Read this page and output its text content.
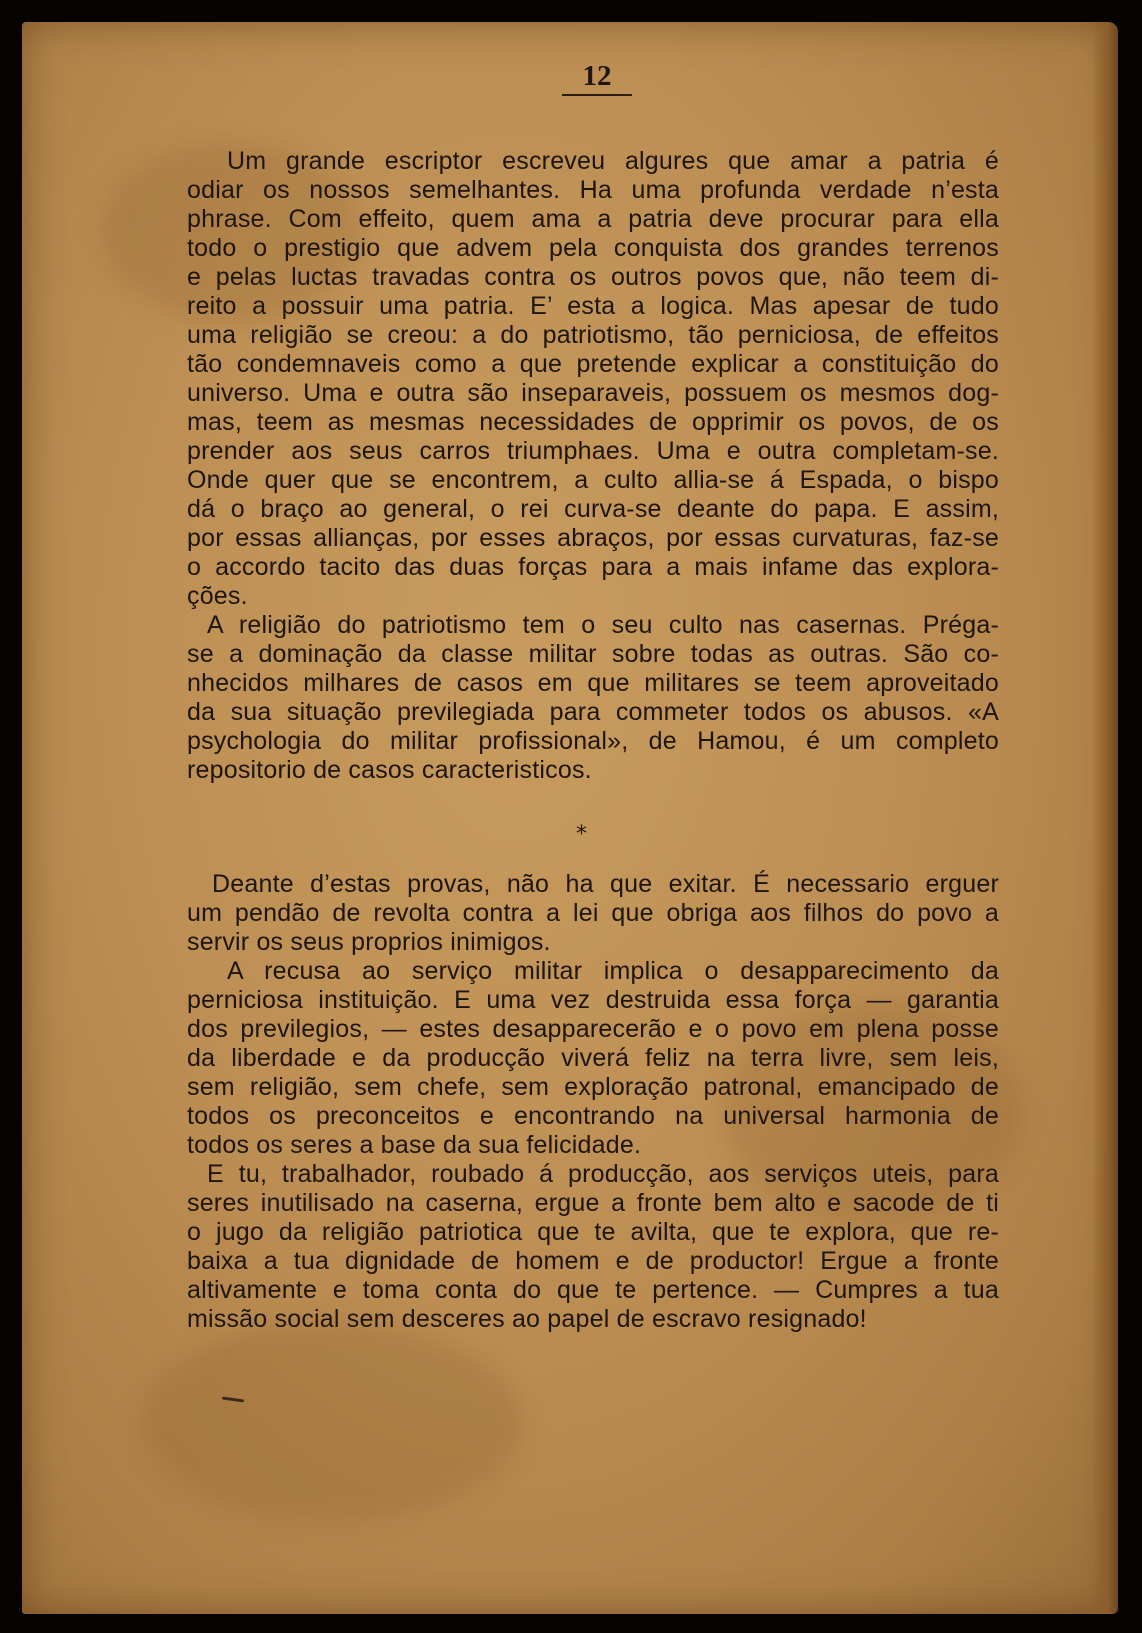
12
Um grande escriptor escreveu algures que amar a patria é
odiar os nossos semelhantes. Ha uma profunda verdade n’esta
phrase. Com effeito, quem ama a patria deve procurar para ella
todo o prestigio que advem pela conquista dos grandes terrenos
e pelas luctas travadas contra os outros povos que, não teem di-
reito a possuir uma patria. E’ esta a logica. Mas apesar de tudo
uma religião se creou: a do patriotismo, tão perniciosa, de effeitos
tão condemnaveis como a que pretende explicar a constituição do
universo. Uma e outra são inseparaveis, possuem os mesmos dog-
mas, teem as mesmas necessidades de opprimir os povos, de os
prender aos seus carros triumphaes. Uma e outra completam-se.
Onde quer que se encontrem, a culto allia-se á Espada, o bispo
dá o braço ao general, o rei curva-se deante do papa. E assim,
por essas allianças, por esses abraços, por essas curvaturas, faz-se
o accordo tacito das duas forças para a mais infame das explora-
ções.
A religião do patriotismo tem o seu culto nas casernas. Préga-
se a dominação da classe militar sobre todas as outras. São co-
nhecidos milhares de casos em que militares se teem aproveitado
da sua situação previlegiada para commeter todos os abusos. «A
psychologia do militar profissional», de Hamou, é um completo
repositorio de casos caracteristicos.
*
Deante d’estas provas, não ha que exitar. É necessario erguer
um pendão de revolta contra a lei que obriga aos filhos do povo a
servir os seus proprios inimigos.
A recusa ao serviço militar implica o desapparecimento da
perniciosa instituição. E uma vez destruida essa força — garantia
dos previlegios, — estes desapparecerão e o povo em plena posse
da liberdade e da producção viverá feliz na terra livre, sem leis,
sem religião, sem chefe, sem exploração patronal, emancipado de
todos os preconceitos e encontrando na universal harmonia de
todos os seres a base da sua felicidade.
E tu, trabalhador, roubado á producção, aos serviços uteis, para
seres inutilisado na caserna, ergue a fronte bem alto e sacode de ti
o jugo da religião patriotica que te avilta, que te explora, que re-
baixa a tua dignidade de homem e de productor! Ergue a fronte
altivamente e toma conta do que te pertence. — Cumpres a tua
missão social sem desceres ao papel de escravo resignado!
